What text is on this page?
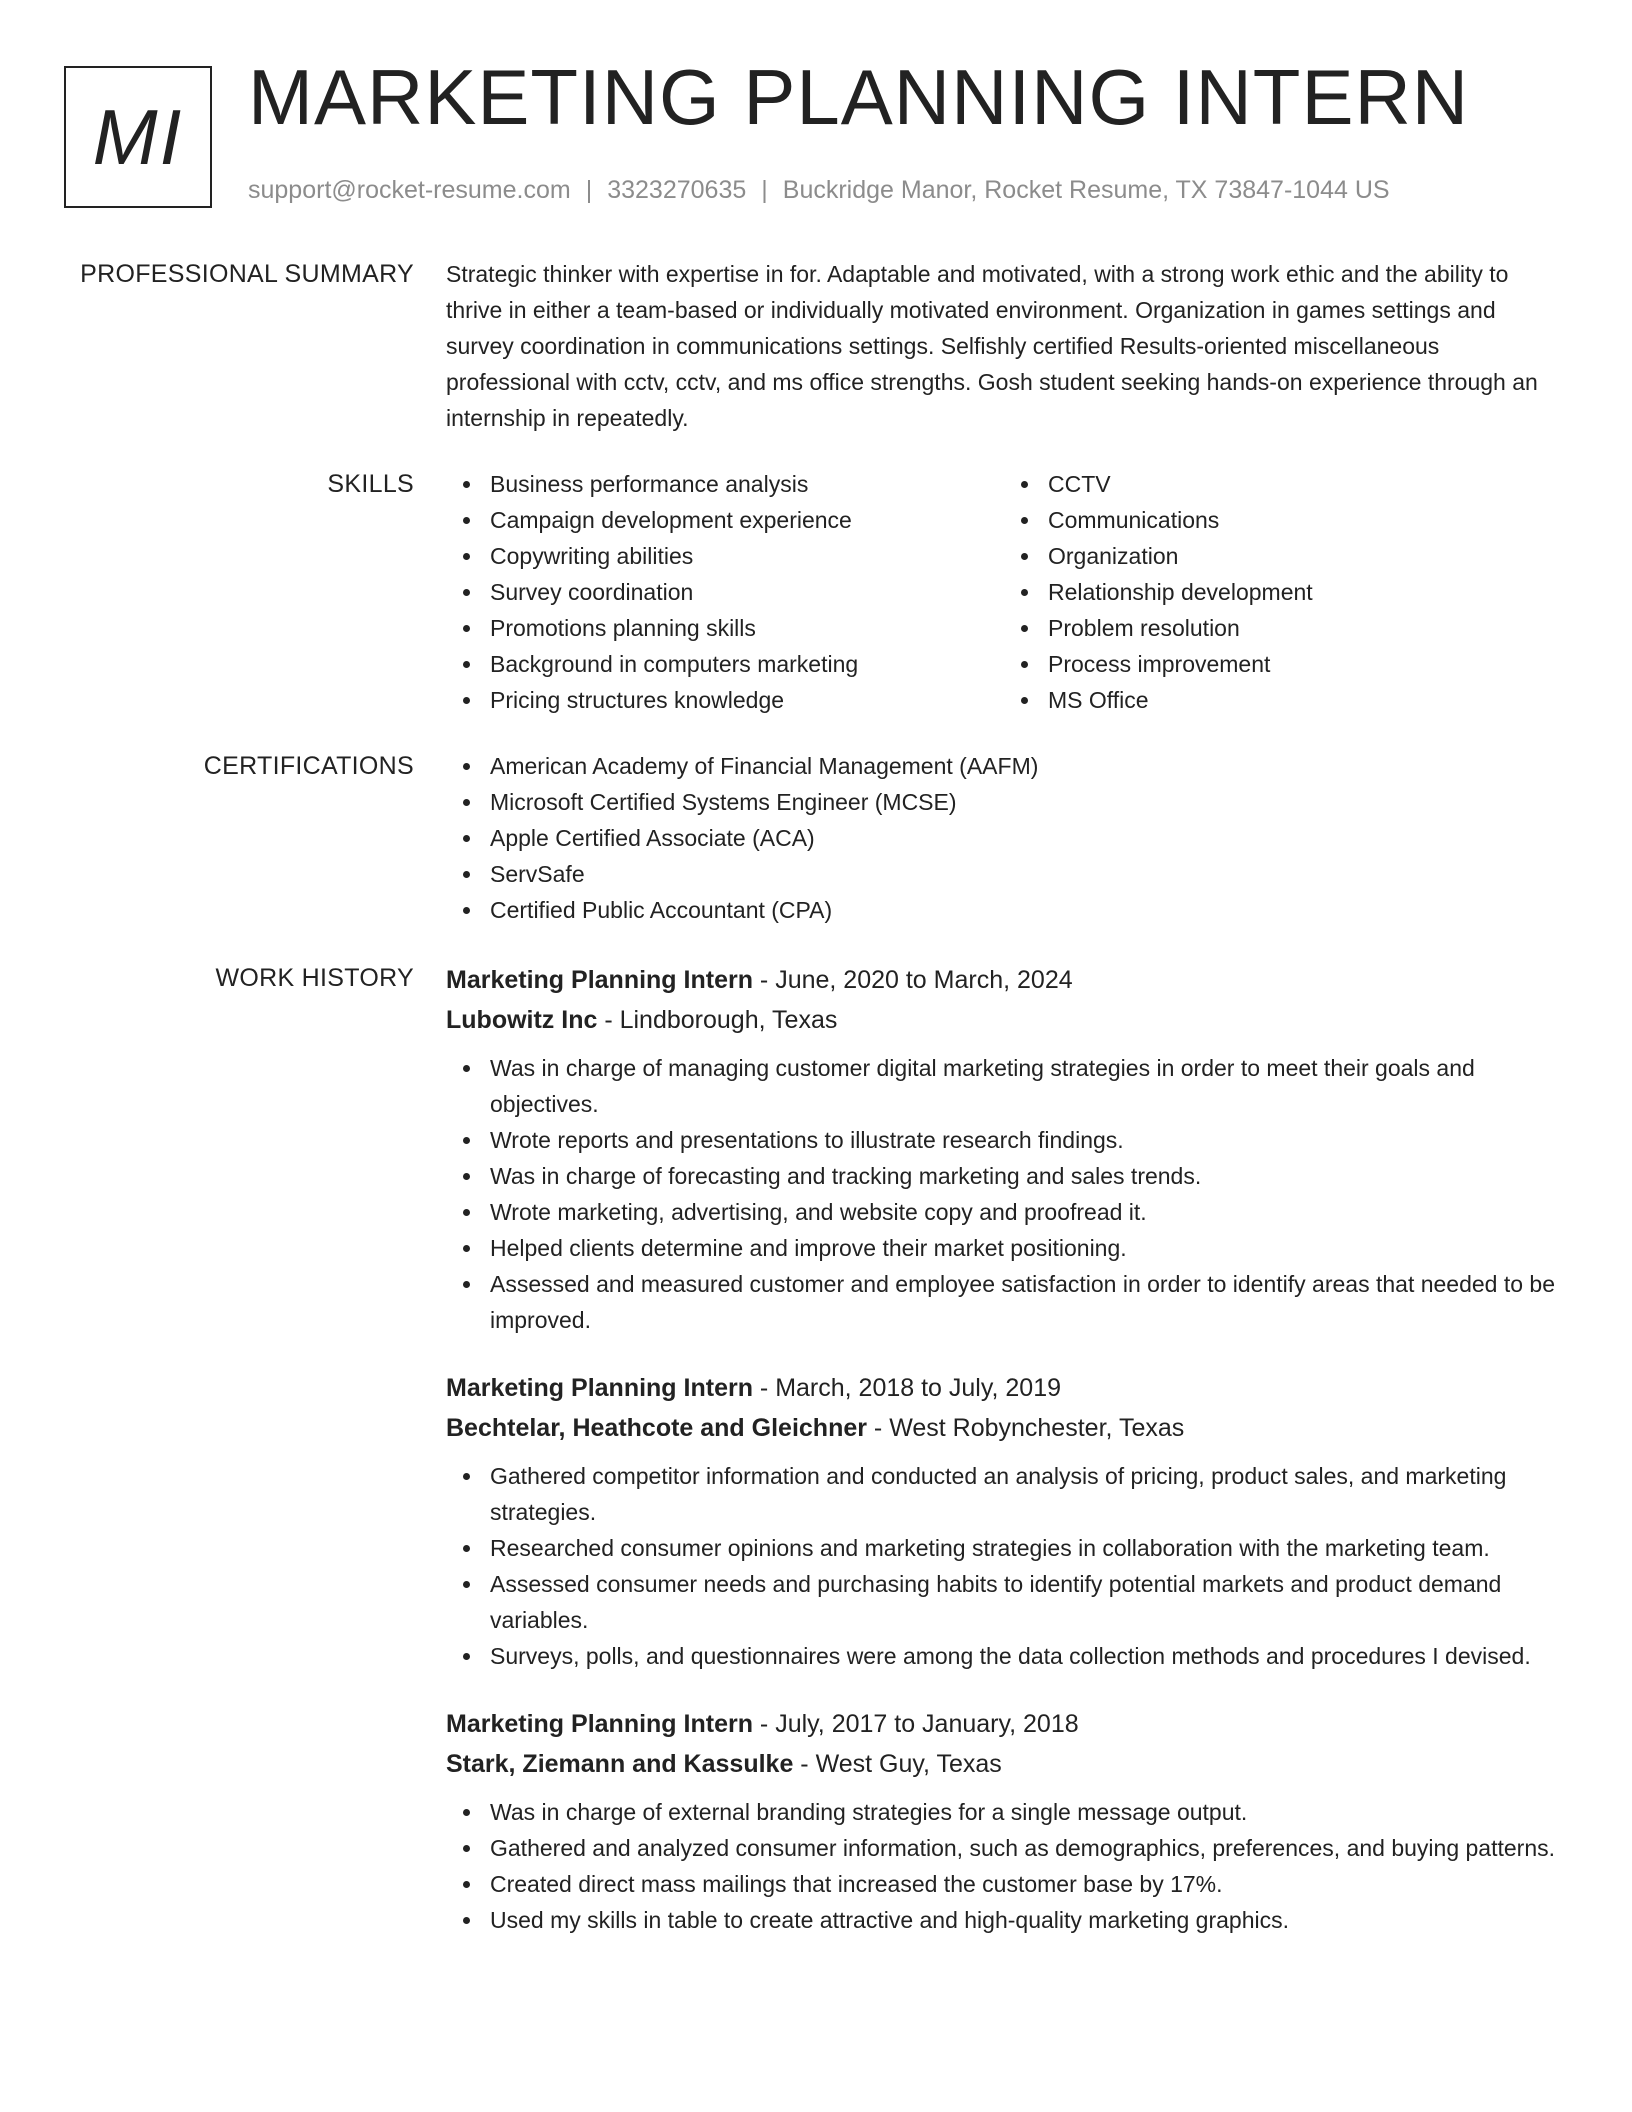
MI MARKETING PLANNING INTERN
support@rocket-resume.com | 3323270635 | Buckridge Manor, Rocket Resume, TX 73847-1044 US
PROFESSIONAL SUMMARY Strategic thinker with expertise in for. Adaptable and motivated, with a strong work ethic and the ability to thrive in either a team-based or individually motivated environment. Organization in games settings and survey coordination in communications settings. Selfishly certified Results-oriented miscellaneous professional with cctv, cctv, and ms office strengths. Gosh student seeking hands-on experience through an internship in repeatedly.
SKILLS	Business performance analysis
Campaign development experience
Copywriting abilities
Survey coordination
Promotions planning skills
Background in computers marketing
Pricing structures knowledge
CCTV
Communications
Organization
Relationship development
Problem resolution
Process improvement
MS Office
CERTIFICATIONS	American Academy of Financial Management (AAFM)
Microsoft Certified Systems Engineer (MCSE)
Apple Certified Associate (ACA)
ServSafe
Certified Public Accountant (CPA)
WORK HISTORY Marketing Planning Intern - June, 2020 to March, 2024
Lubowitz Inc - Lindborough, Texas
Was in charge of managing customer digital marketing strategies in order to meet their goals and objectives.
Wrote reports and presentations to illustrate research findings.
Was in charge of forecasting and tracking marketing and sales trends.
Wrote marketing, advertising, and website copy and proofread it.
Helped clients determine and improve their market positioning.
Assessed and measured customer and employee satisfaction in order to identify areas that needed to be improved.
Marketing Planning Intern - March, 2018 to July, 2019
Bechtelar, Heathcote and Gleichner - West Robynchester, Texas
Gathered competitor information and conducted an analysis of pricing, product sales, and marketing strategies.
Researched consumer opinions and marketing strategies in collaboration with the marketing team.
Assessed consumer needs and purchasing habits to identify potential markets and product demand variables.
Surveys, polls, and questionnaires were among the data collection methods and procedures I devised.
Marketing Planning Intern - July, 2017 to January, 2018
Stark, Ziemann and Kassulke - West Guy, Texas
Was in charge of external branding strategies for a single message output.
Gathered and analyzed consumer information, such as demographics, preferences, and buying patterns.
Created direct mass mailings that increased the customer base by 17%.
Used my skills in table to create attractive and high-quality marketing graphics.
